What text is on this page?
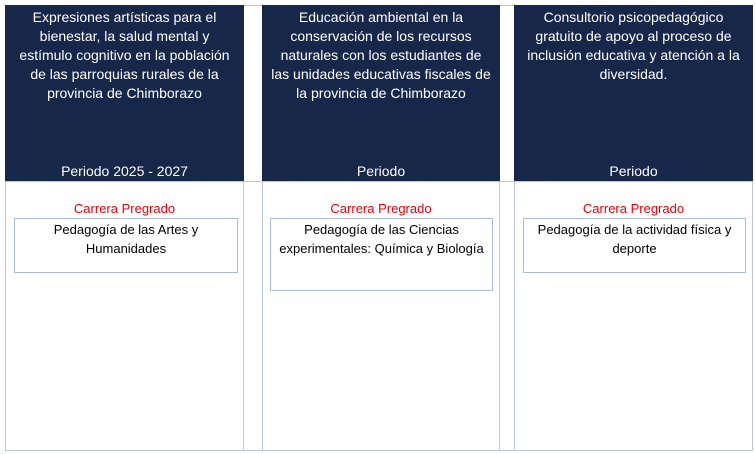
Expresiones artísticas para el bienestar, la salud mental y estímulo cognitivo en la población de las parroquias rurales de la provincia de Chimborazo
Periodo 2025 - 2027
Carrera Pregrado
Pedagogía de las Artes y Humanidades
Educación ambiental en la conservación de los recursos naturales con los estudiantes de las unidades educativas fiscales de la provincia de Chimborazo
Periodo
Carrera Pregrado
Pedagogía de las Ciencias experimentales: Química y Biología
Consultorio psicopedagógico gratuito de apoyo al proceso de inclusión educativa y atención a la diversidad.
Periodo
Carrera Pregrado
Pedagogía de la actividad física y deporte
